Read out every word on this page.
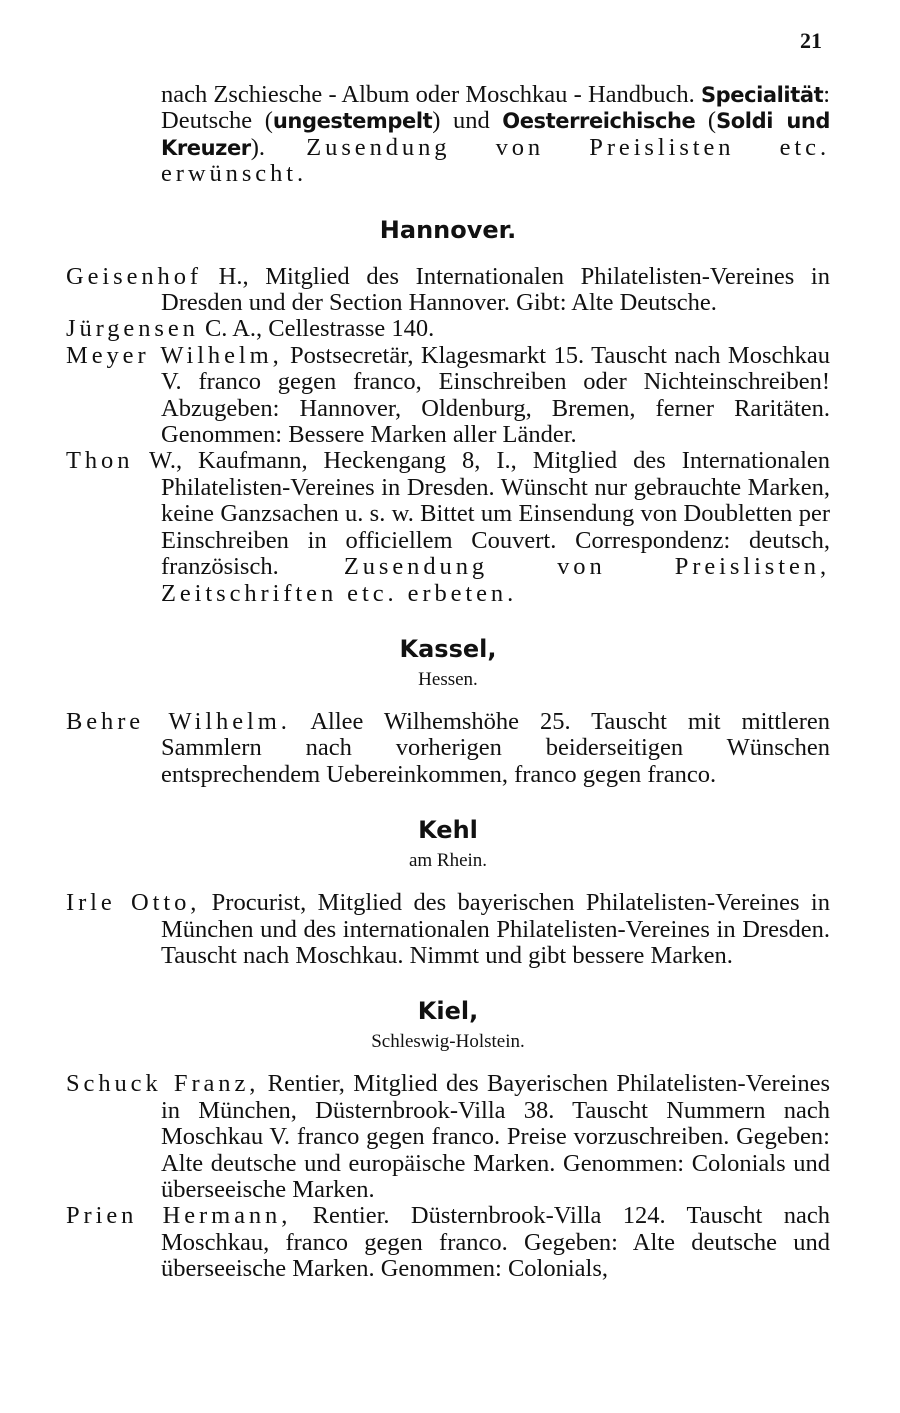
21

nach Zschiesche - Album oder Moschkau - Handbuch. Specialität: Deutsche (ungestempelt) und Oesterreichische (Soldi und Kreuzer). Zusendung von Preislisten etc. erwünscht.

Hannover.

Geisenhof H., Mitglied des Internationalen Philatelisten-Vereines in Dresden und der Section Hannover. Gibt: Alte Deutsche.

Jürgensen C. A., Cellestrasse 140.

Meyer Wilhelm, Postsecretär, Klagesmarkt 15. Tauscht nach Moschkau V. franco gegen franco, Einschreiben oder Nichteinschreiben! Abzugeben: Hannover, Oldenburg, Bremen, ferner Raritäten. Genommen: Bessere Marken aller Länder.

Thon W., Kaufmann, Heckengang 8, I., Mitglied des Internationalen Philatelisten-Vereines in Dresden. Wünscht nur gebrauchte Marken, keine Ganzsachen u. s. w. Bittet um Einsendung von Doubletten per Einschreiben in officiellem Couvert. Correspondenz: deutsch, französisch. Zusendung von Preislisten, Zeitschriften etc. erbeten.

Kassel,
Hessen.

Behre Wilhelm. Allee Wilhemshöhe 25. Tauscht mit mittleren Sammlern nach vorherigen beiderseitigen Wünschen entsprechendem Uebereinkommen, franco gegen franco.

Kehl
am Rhein.

Irle Otto, Procurist, Mitglied des bayerischen Philatelisten-Vereines in München und des internationalen Philatelisten-Vereines in Dresden. Tauscht nach Moschkau. Nimmt und gibt bessere Marken.

Kiel,
Schleswig-Holstein.

Schuck Franz, Rentier, Mitglied des Bayerischen Philatelisten-Vereines in München, Düsternbrook-Villa 38. Tauscht Nummern nach Moschkau V. franco gegen franco. Preise vorzuschreiben. Gegeben: Alte deutsche und europäische Marken. Genommen: Colonials und überseeische Marken.

Prien Hermann, Rentier. Düsternbrook-Villa 124. Tauscht nach Moschkau, franco gegen franco. Gegeben: Alte deutsche und überseeische Marken. Genommen: Colonials,
